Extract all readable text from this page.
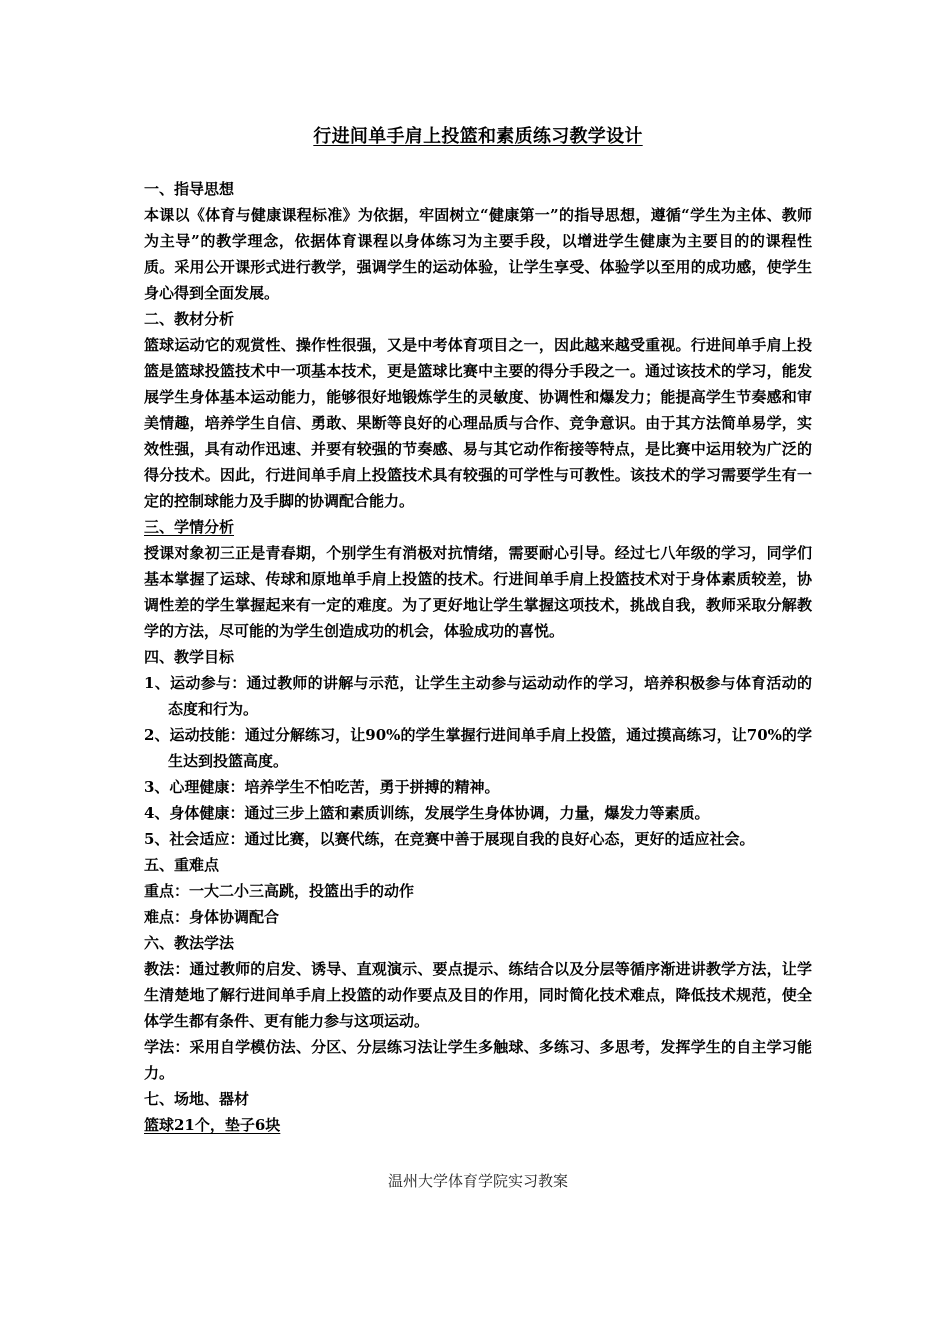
行进间单手肩上投篮和素质练习教学设计

一、指导思想

本课以《体育与健康课程标准》为依据，牢固树立“健康第一”的指导思想，遵循“学生为主体、教师为主导”的教学理念，依据体育课程以身体练习为主要手段，以增进学生健康为主要目的的课程性质。采用公开课形式进行教学，强调学生的运动体验，让学生享受、体验学以至用的成功感，使学生身心得到全面发展。

二、教材分析

篮球运动它的观赏性、操作性很强，又是中考体育项目之一，因此越来越受重视。行进间单手肩上投篮是篮球投篮技术中一项基本技术，更是篮球比赛中主要的得分手段之一。通过该技术的学习，能发展学生身体基本运动能力，能够很好地锻炼学生的灵敏度、协调性和爆发力；能提高学生节奏感和审美情趣，培养学生自信、勇敢、果断等良好的心理品质与合作、竞争意识。由于其方法简单易学，实效性强，具有动作迅速、并要有较强的节奏感、易与其它动作衔接等特点，是比赛中运用较为广泛的得分技术。因此，行进间单手肩上投篮技术具有较强的可学性与可教性。该技术的学习需要学生有一定的控制球能力及手脚的协调配合能力。

三、学情分析

授课对象初三正是青春期，个别学生有消极对抗情绪，需要耐心引导。经过七八年级的学习，同学们基本掌握了运球、传球和原地单手肩上投篮的技术。行进间单手肩上投篮技术对于身体素质较差，协调性差的学生掌握起来有一定的难度。为了更好地让学生掌握这项技术，挑战自我，教师采取分解教学的方法，尽可能的为学生创造成功的机会，体验成功的喜悦。

四、教学目标

1、运动参与：通过教师的讲解与示范，让学生主动参与运动动作的学习，培养积极参与体育活动的态度和行为。

2、运动技能：通过分解练习，让90%的学生掌握行进间单手肩上投篮，通过摸高练习，让70%的学生达到投篮高度。

3、心理健康：培养学生不怕吃苦，勇于拼搏的精神。

4、身体健康：通过三步上篮和素质训练，发展学生身体协调，力量，爆发力等素质。

5、社会适应：通过比赛，以赛代练，在竞赛中善于展现自我的良好心态，更好的适应社会。

五、重难点

重点：一大二小三高跳，投篮出手的动作

难点：身体协调配合

六、教法学法

教法：通过教师的启发、诱导、直观演示、要点提示、练结合以及分层等循序渐进讲教学方法，让学生清楚地了解行进间单手肩上投篮的动作要点及目的作用，同时简化技术难点，降低技术规范，使全体学生都有条件、更有能力参与这项运动。

学法：采用自学模仿法、分区、分层练习法让学生多触球、多练习、多思考，发挥学生的自主学习能力。

七、场地、器材

篮球21个，垫子6块

温州大学体育学院实习教案
